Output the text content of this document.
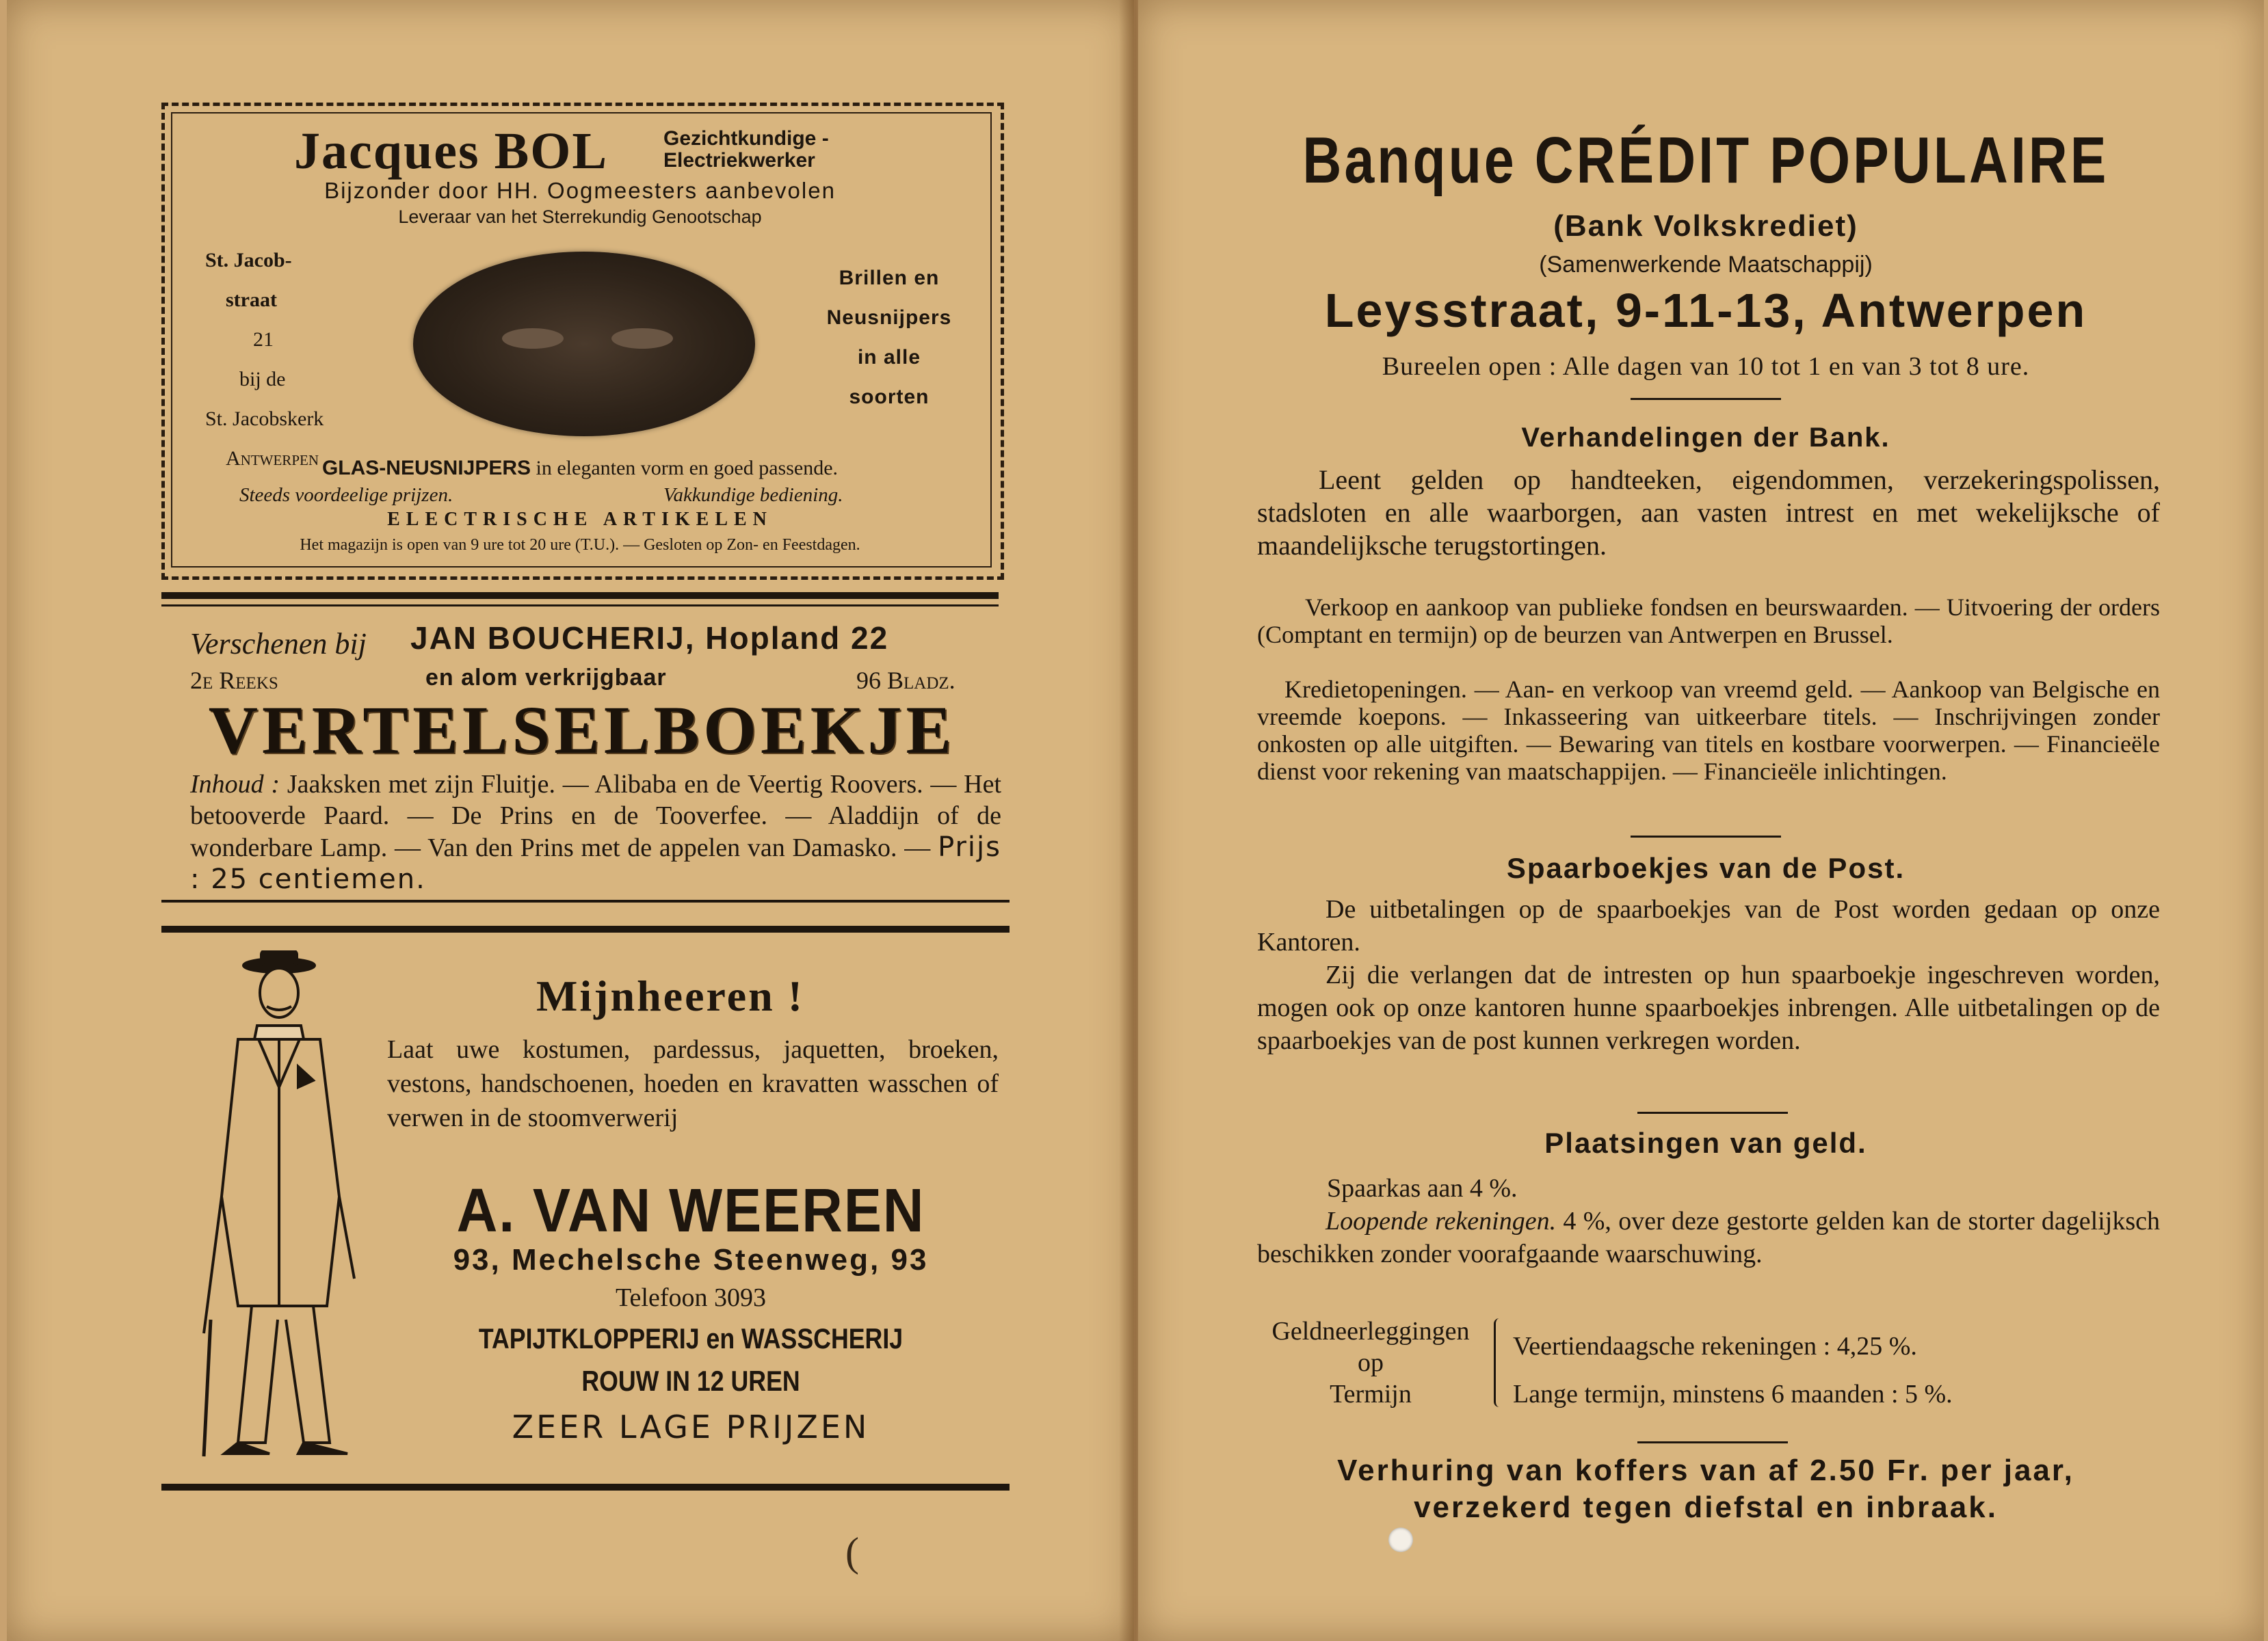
Jacques BOL	Gezichtkundige -
Electriekwerker
Bijzonder door HH. Oogmeesters aanbevolen
Leveraar van het Sterrekundig Genootschap
St. Jacob-
straat
21
bij de
St. Jacobskerk
Antwerpen
Brillen en
Neusnijpers
in alle
soorten
GLAS-NEUSNIJPERS in eleganten vorm en goed passende.
Steeds voordeelige prijzen.	Vakkundige bediening.
ELECTRISCHE ARTIKELEN
Het magazijn is open van 9 ure tot 20 ure (T.U.). — Gesloten op Zon- en Feestdagen.
Verschenen bij JAN BOUCHERIJ, Hopland 22
2e Reeks	en alom verkrijgbaar	96 Bladz.
VERTELSELBOEKJE
Inhoud : Jaaksken met zijn Fluitje. — Alibaba en de Veertig Roovers. — Het betooverde Paard. — De Prins en de Tooverfee. — Aladdijn of de wonderbare Lamp. — Van den Prins met de appelen van Damasko. — Prijs : 25 centiemen.
Mijnheeren !
Laat uwe kostumen, pardessus, jaquetten, broeken, vestons, handschoenen, hoeden en kravatten wasschen of verwen in de stoomverwerij
A. VAN WEEREN
93, Mechelsche Steenweg, 93
Telefoon 3093
TAPIJTKLOPPERIJ en WASSCHERIJ
ROUW IN 12 UREN
ZEER LAGE PRIJZEN
(
Banque CRÉDIT POPULAIRE
(Bank Volkskrediet)
(Samenwerkende Maatschappij)
Leysstraat, 9-11-13, Antwerpen
Bureelen open : Alle dagen van 10 tot 1 en van 3 tot 8 ure.
Verhandelingen der Bank.
Leent gelden op handteeken, eigendommen, verzekeringspolissen, stadsloten en alle waarborgen, aan vasten intrest en met wekelijksche of maandelijksche terugstortingen.
Verkoop en aankoop van publieke fondsen en beurswaarden. — Uitvoering der orders (Comptant en termijn) op de beurzen van Antwerpen en Brussel.
Kredietopeningen. — Aan- en verkoop van vreemd geld. — Aankoop van Belgische en vreemde koepons. — Inkasseering van uitkeerbare titels. — Inschrijvingen zonder onkosten op alle uitgiften. — Bewaring van titels en kostbare voorwerpen. — Financieële dienst voor rekening van maatschappijen. — Financieële inlichtingen.
Spaarboekjes van de Post.
De uitbetalingen op de spaarboekjes van de Post worden gedaan op onze Kantoren.
Zij die verlangen dat de intresten op hun spaarboekje ingeschreven worden, mogen ook op onze kantoren hunne spaarboekjes inbrengen. Alle uitbetalingen op de spaarboekjes van de post kunnen verkregen worden.
Plaatsingen van geld.
Spaarkas aan 4 %.
Loopende rekeningen. 4 %, over deze gestorte gelden kan de storter dagelijksch beschikken zonder voorafgaande waarschuwing.
Geldneerleggingen
op
Termijn
Veertiendaagsche rekeningen : 4,25 %.
Lange termijn, minstens 6 maanden : 5 %.
Verhuring van koffers van af 2.50 Fr. per jaar,
verzekerd tegen diefstal en inbraak.
